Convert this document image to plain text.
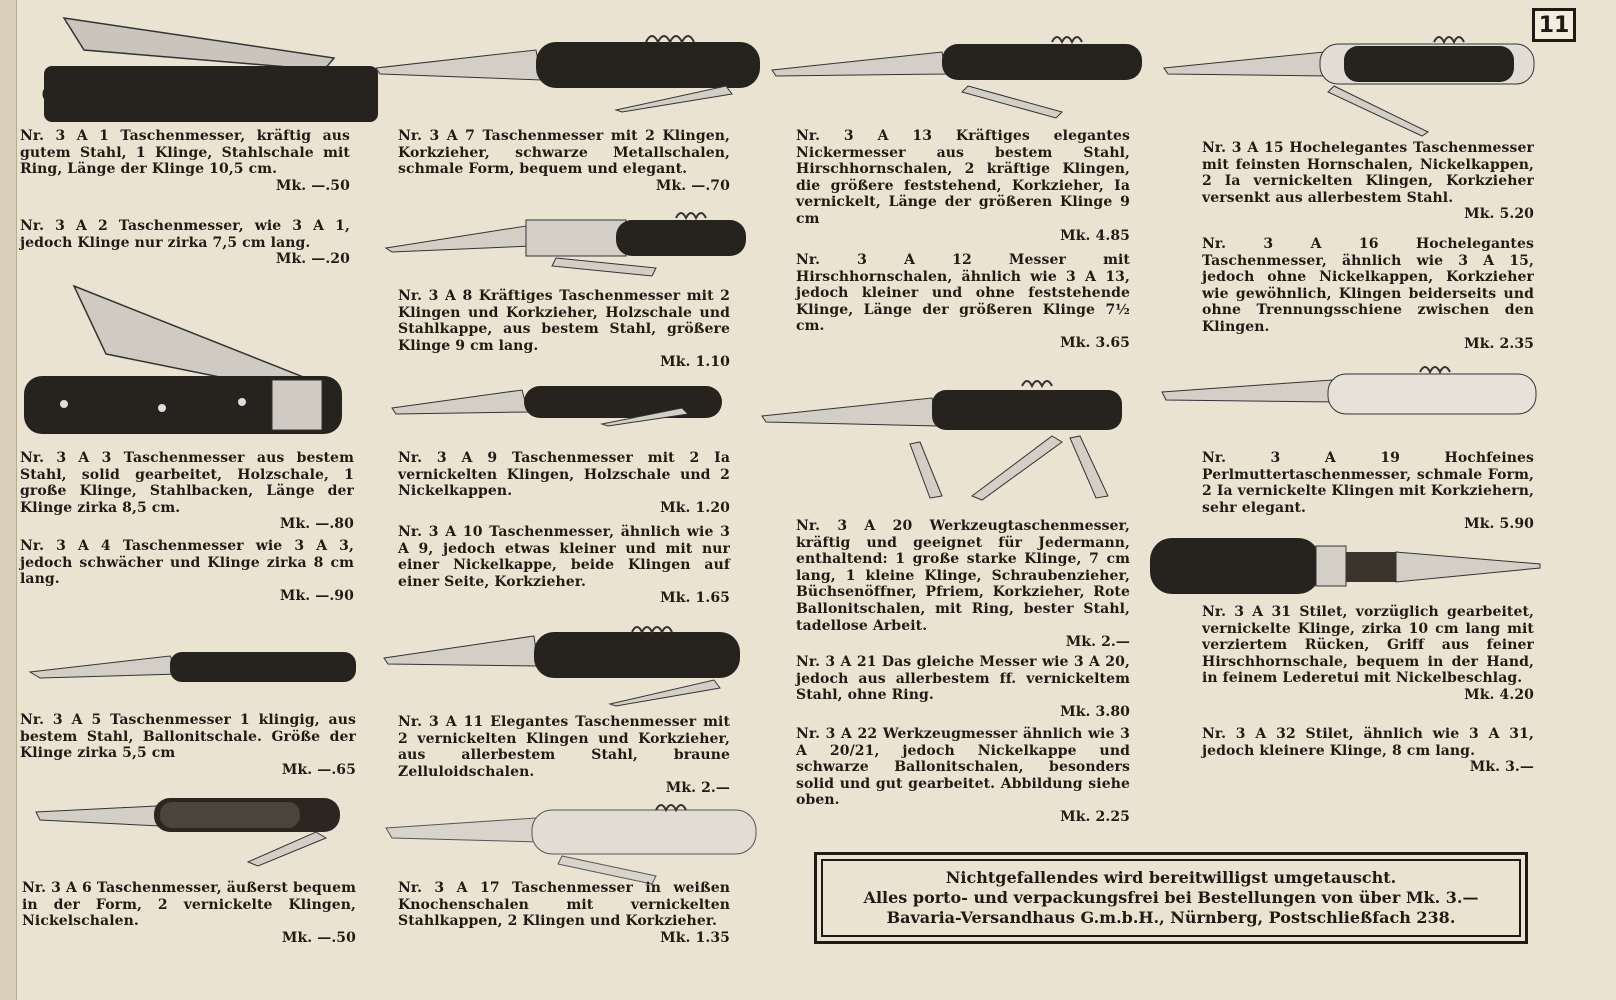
11
Nr. 3 A 1 Taschenmesser, kräftig aus gutem Stahl, 1 Klinge, Stahlschale mit Ring, Länge der Klinge 10,5 cm.
Mk. —.50
Nr. 3 A 2 Taschenmesser, wie 3 A 1, jedoch Klinge nur zirka 7,5 cm lang.
Mk. —.20
Nr. 3 A 3 Taschenmesser aus bestem Stahl, solid gearbeitet, Holzschale, 1 große Klinge, Stahlbacken, Länge der Klinge zirka 8,5 cm.
Mk. —.80
Nr. 3 A 4 Taschenmesser wie 3 A 3, jedoch schwächer und Klinge zirka 8 cm lang.
Mk. —.90
Nr. 3 A 5 Taschenmesser 1 klingig, aus bestem Stahl, Ballonitschale. Größe der Klinge zirka 5,5 cm
Mk. —.65
Nr. 3 A 6 Taschenmesser, äußerst bequem in der Form, 2 vernickelte Klingen, Nickelschalen.
Mk. —.50
Nr. 3 A 7 Taschenmesser mit 2 Klingen, Korkzieher, schwarze Metallschalen, schmale Form, bequem und elegant.
Mk. —.70
Nr. 3 A 8 Kräftiges Taschenmesser mit 2 Klingen und Korkzieher, Holzschale und Stahlkappe, aus bestem Stahl, größere Klinge 9 cm lang.
Mk. 1.10
Nr. 3 A 9 Taschenmesser mit 2 Ia vernickelten Klingen, Holzschale und 2 Nickelkappen.
Mk. 1.20
Nr. 3 A 10 Taschenmesser, ähnlich wie 3 A 9, jedoch etwas kleiner und mit nur einer Nickelkappe, beide Klingen auf einer Seite, Korkzieher.
Mk. 1.65
Nr. 3 A 11 Elegantes Taschenmesser mit 2 vernickelten Klingen und Korkzieher, aus allerbestem Stahl, braune Zelluloidschalen.
Mk. 2.—
Nr. 3 A 17 Taschenmesser in weißen Knochenschalen mit vernickelten Stahlkappen, 2 Klingen und Korkzieher.
Mk. 1.35
Nr. 3 A 13 Kräftiges elegantes Nickermesser aus bestem Stahl, Hirschhornschalen, 2 kräftige Klingen, die größere feststehend, Korkzieher, Ia vernickelt, Länge der größeren Klinge 9 cm
Mk. 4.85
Nr. 3 A 12	Messer	mit Hirschhornschalen, ähnlich wie 3 A 13, jedoch kleiner und ohne feststehende Klinge, Länge der größeren Klinge 7½ cm.
Mk. 3.65
Nr. 3 A 20 Werkzeugtaschenmesser, kräftig und geeignet für Jedermann, enthaltend: 1 große starke Klinge, 7 cm lang, 1 kleine Klinge, Schraubenzieher, Büchsenöffner, Pfriem, Korkzieher, Rote Ballonitschalen, mit Ring, bester Stahl, tadellose Arbeit.
Mk. 2.—
Nr. 3 A 21 Das gleiche Messer wie 3 A 20, jedoch aus allerbestem ff. vernickeltem Stahl, ohne Ring.
Mk. 3.80
Nr. 3 A 22 Werkzeugmesser ähnlich wie 3 A 20/21, jedoch Nickelkappe und schwarze Ballonitschalen, besonders solid und gut gearbeitet. Abbildung siehe oben.
Mk. 2.25
Nr. 3 A 15 Hochelegantes Taschenmesser mit feinsten Hornschalen, Nickelkappen, 2 Ia vernickelten Klingen, Korkzieher versenkt aus allerbestem Stahl.
Mk. 5.20
Nr. 3 A 16	Hochelegantes Taschenmesser, ähnlich wie 3 A 15, jedoch ohne Nickelkappen, Korkzieher wie gewöhnlich, Klingen beiderseits und ohne Trennungsschiene zwischen den Klingen.
Mk. 2.35
Nr. 3 A 19	Hochfeines Perlmuttertaschenmesser, schmale Form, 2 Ia vernickelte Klingen mit Korkziehern, sehr elegant.
Mk. 5.90
Nr. 3 A 31 Stilet, vorzüglich gearbeitet, vernickelte Klinge, zirka 10 cm lang mit verziertem Rücken, Griff aus feiner Hirschhornschale, bequem in der Hand, in feinem Lederetui mit Nickelbeschlag.
Mk. 4.20
Nr. 3 A 32 Stilet, ähnlich wie 3 A 31, jedoch kleinere Klinge, 8 cm lang.
Mk. 3.—
Nichtgefallendes wird bereitwilligst umgetauscht.
Alles porto- und verpackungsfrei bei Bestellungen von über Mk. 3.—
Bavaria-Versandhaus G.m.b.H., Nürnberg, Postschließfach 238.
